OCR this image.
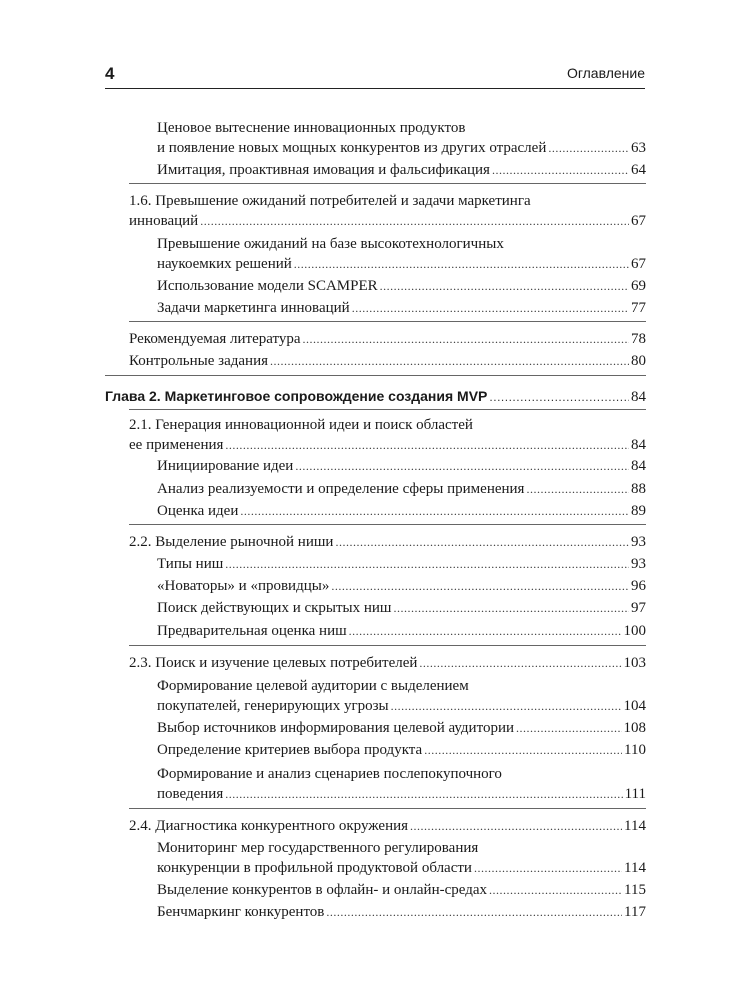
4	Оглавление
Ценовое вытеснение инновационных продуктов
и появление новых мощных конкурентов из других отраслей .....	63
Имитация, проактивная имовация и фальсификация .....	64
1.6. Превышение ожиданий потребителей и задачи маркетинга
инноваций .....	67
Превышение ожиданий на базе высокотехнологичных
наукоемких решений .....	67
Использование модели SCAMPER .....	69
Задачи маркетинга инноваций .....	77
Рекомендуемая литература .....	78
Контрольные задания .....	80
Глава 2. Маркетинговое сопровождение создания MVP .....	84
2.1. Генерация инновационной идеи и поиск областей
ее применения .....	84
Инициирование идеи .....	84
Анализ реализуемости и определение сферы применения .....	88
Оценка идеи .....	89
2.2. Выделение рыночной ниши .....	93
Типы ниш .....	93
«Новаторы» и «провидцы» .....	96
Поиск действующих и скрытых ниш .....	97
Предварительная оценка ниш .....	100
2.3. Поиск и изучение целевых потребителей .....	103
Формирование целевой аудитории с выделением
покупателей, генерирующих угрозы .....	104
Выбор источников информирования целевой аудитории .....	108
Определение критериев выбора продукта .....	110
Формирование и анализ сценариев послепокупочного
поведения .....	111
2.4. Диагностика конкурентного окружения .....	114
Мониторинг мер государственного регулирования
конкуренции в профильной продуктовой области .....	114
Выделение конкурентов в офлайн- и онлайн-средах .....	115
Бенчмаркинг конкурентов .....	117
